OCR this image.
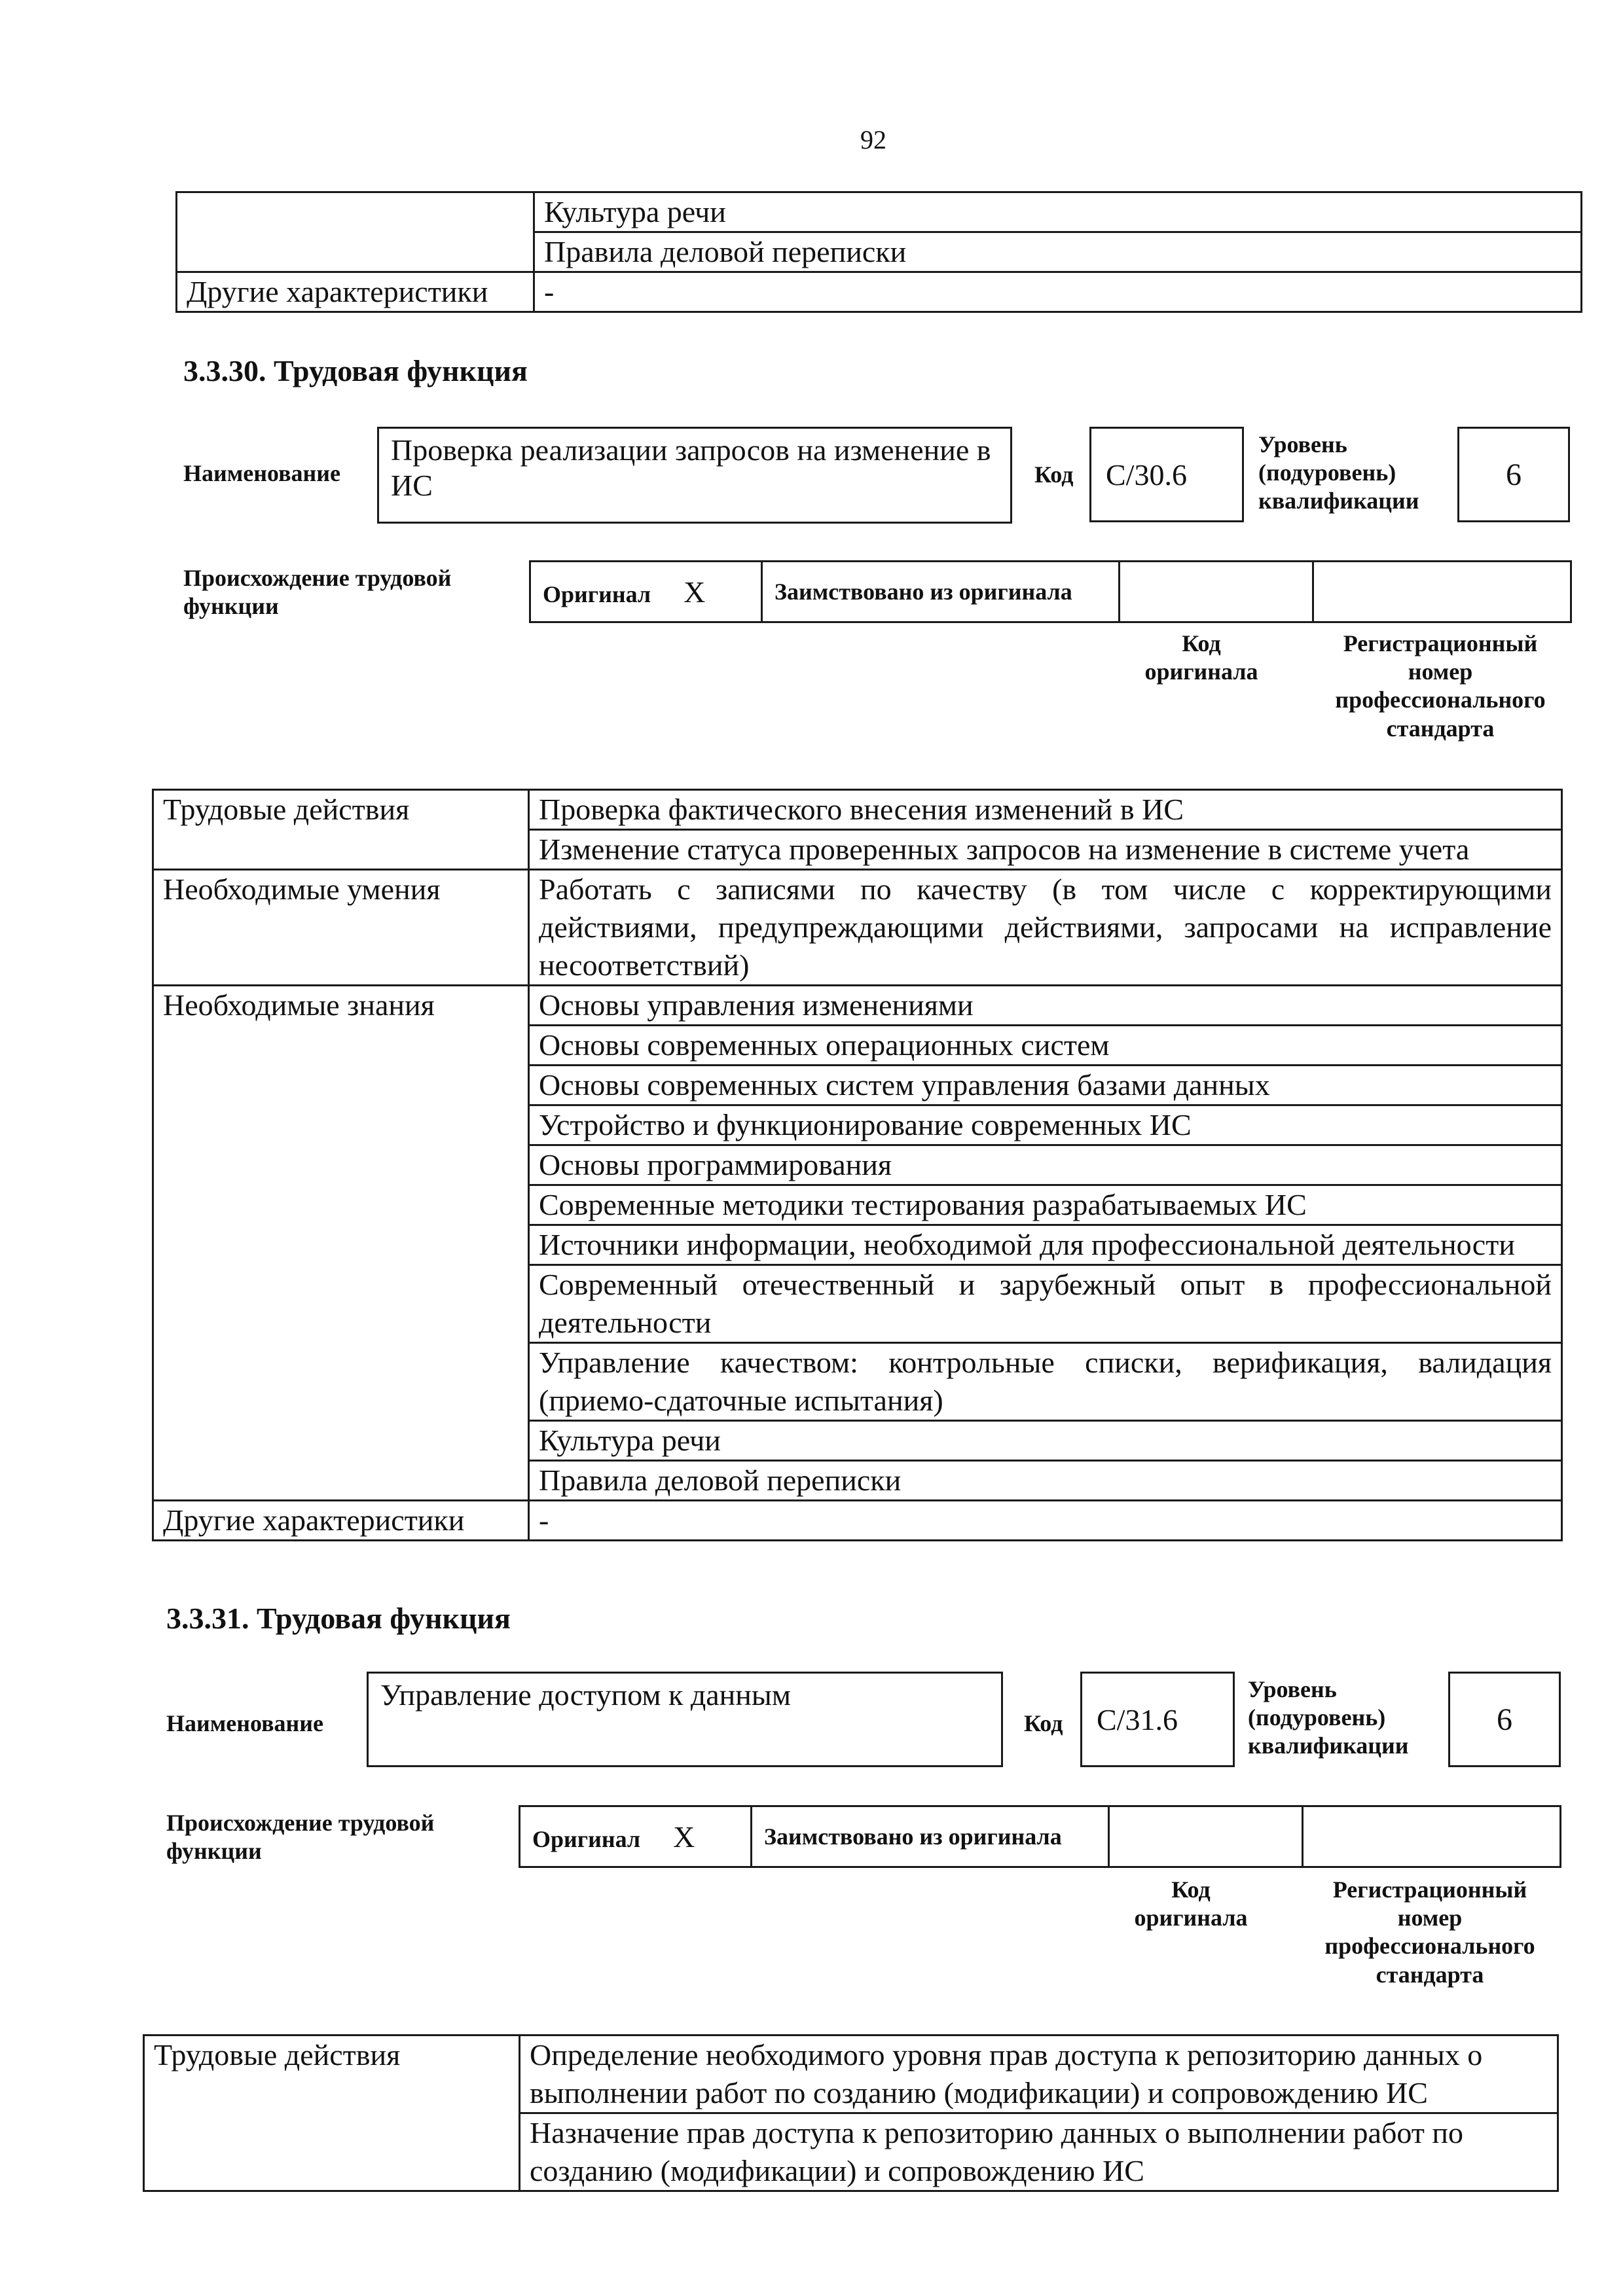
92
	Культура речи
	Правила деловой переписки
Другие характеристики	-
3.3.30. Трудовая функция
Наименование
Проверка реализации запросов на изменение в ИС	Код	C/30.6
Уровень (подуровень) квалификации
6
Происхождение трудовой функции	Оригинал X	Заимствовано из оригинала		
Код оригинала
Регистрационный номер профессионального стандарта
Трудовые действия	Проверка фактического внесения изменений в ИС
	Изменение статуса проверенных запросов на изменение в системе учета
Необходимые умения	Работать с записями по качеству (в том числе с корректирующими действиями, предупреждающими действиями, запросами на исправление несоответствий)
Необходимые знания	Основы управления изменениями
	Основы современных операционных систем
	Основы современных систем управления базами данных
	Устройство и функционирование современных ИС
	Основы программирования
	Современные методики тестирования разрабатываемых ИС
	Источники информации, необходимой для профессиональной деятельности
	Современный отечественный и зарубежный опыт в профессиональной деятельности
	Управление качеством: контрольные списки, верификация, валидация (приемо-сдаточные испытания)
	Культура речи
	Правила деловой переписки
Другие характеристики	-
3.3.31. Трудовая функция
Наименование
Управление доступом к данным
Код	C/31.6
Уровень (подуровень) квалификации
6
Происхождение трудовой функции	Оригинал X	Заимствовано из оригинала		
Код оригинала
Регистрационный номер профессионального стандарта
Трудовые действия	Определение необходимого уровня прав доступа к репозиторию данных о выполнении работ по созданию (модификации) и сопровождению ИС
	Назначение прав доступа к репозиторию данных о выполнении работ по созданию (модификации) и сопровождению ИС
